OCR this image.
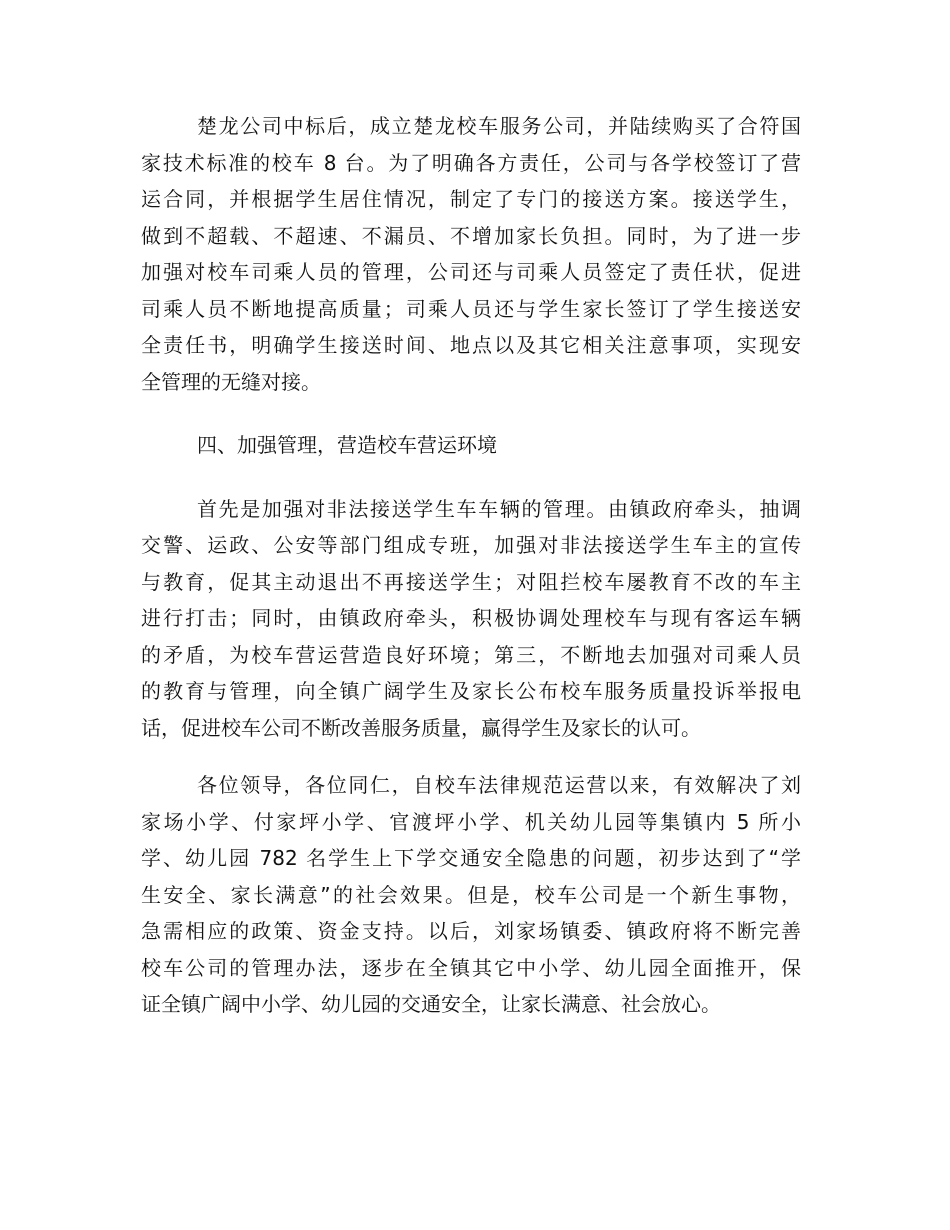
楚龙公司中标后，成立楚龙校车服务公司，并陆续购买了合符国
家技术标准的校车 8 台。为了明确各方责任，公司与各学校签订了营
运合同，并根据学生居住情况，制定了专门的接送方案。接送学生，
做到不超载、不超速、不漏员、不增加家长负担。同时，为了进一步
加强对校车司乘人员的管理，公司还与司乘人员签定了责任状，促进
司乘人员不断地提高质量；司乘人员还与学生家长签订了学生接送安
全责任书，明确学生接送时间、地点以及其它相关注意事项，实现安
全管理的无缝对接。
四、加强管理，营造校车营运环境
首先是加强对非法接送学生车车辆的管理。由镇政府牵头，抽调
交警、运政、公安等部门组成专班，加强对非法接送学生车主的宣传
与教育，促其主动退出不再接送学生；对阻拦校车屡教育不改的车主
进行打击；同时，由镇政府牵头，积极协调处理校车与现有客运车辆
的矛盾，为校车营运营造良好环境；第三，不断地去加强对司乘人员
的教育与管理，向全镇广阔学生及家长公布校车服务质量投诉举报电
话，促进校车公司不断改善服务质量，赢得学生及家长的认可。
各位领导，各位同仁，自校车法律规范运营以来，有效解决了刘
家场小学、付家坪小学、官渡坪小学、机关幼儿园等集镇内 5 所小
学、幼儿园 782 名学生上下学交通安全隐患的问题，初步达到了“学
生安全、家长满意”的社会效果。但是，校车公司是一个新生事物，
急需相应的政策、资金支持。以后，刘家场镇委、镇政府将不断完善
校车公司的管理办法，逐步在全镇其它中小学、幼儿园全面推开，保
证全镇广阔中小学、幼儿园的交通安全，让家长满意、社会放心。
